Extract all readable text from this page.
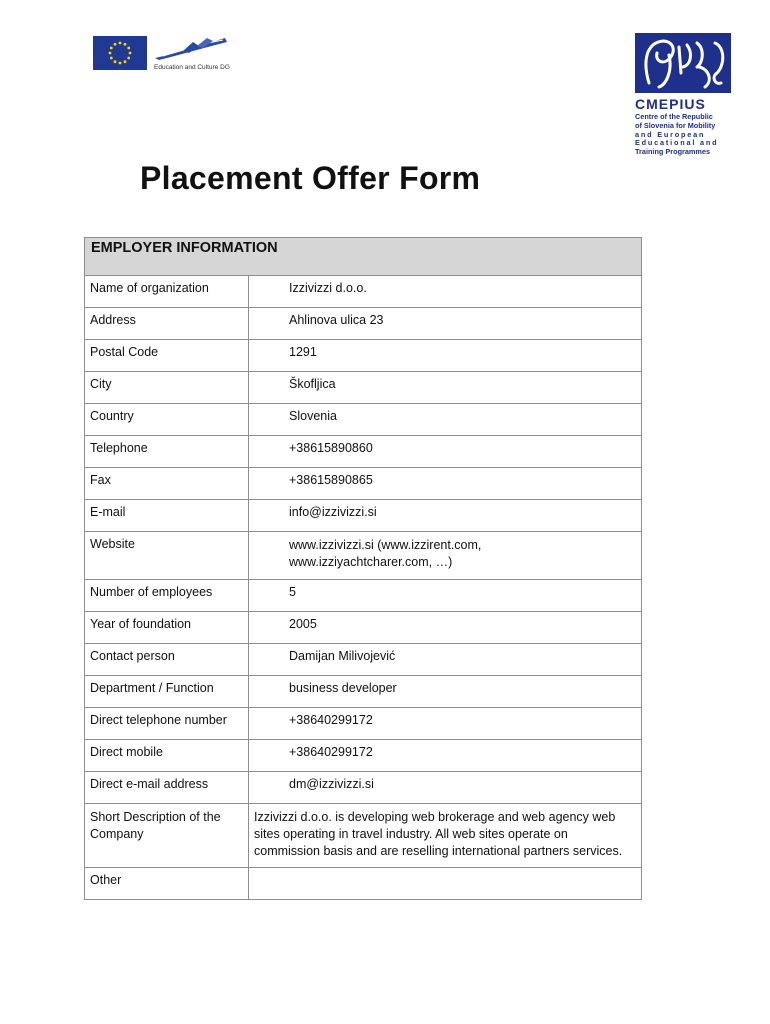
Education and Culture DG
CMEPIUS
Centre of the Republic
of Slovenia for Mobility
and European
Educational and
Training Programmes
Placement Offer Form
EMPLOYER INFORMATION	
Name of organization	Izzivizzi d.o.o.
Address	Ahlinova ulica 23
Postal Code	1291
City	Škofljica
Country	Slovenia
Telephone	+38615890860
Fax	+38615890865
E-mail	info@izzivizzi.si
Website	www.izzivizzi.si (www.izzirent.com,
www.izziyachtcharer.com, …)

Number of employees	5
Year of foundation	2005
Contact person	Damijan Milivojević
Department / Function	business developer
Direct telephone number	+38640299172
Direct mobile	+38640299172
Direct e-mail address	dm@izzivizzi.si

Short Description of the
Company	Izzivizzi d.o.o. is developing web brokerage and web agency web
sites operating in travel industry. All web sites operate on
commission basis and are reselling international partners services.

Other	
